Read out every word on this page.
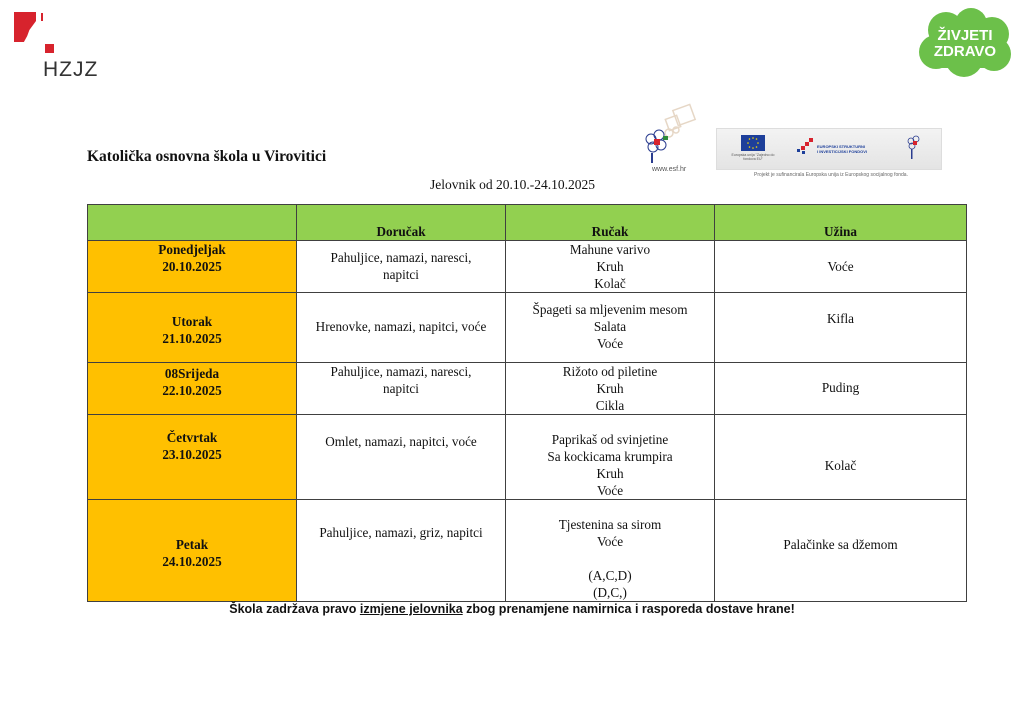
HZJZ
ŽIVJETI
ZDRAVO
www.esf.hr
Europska unija "Zajedno do fondova EU"
EUROPSKI STRUKTURNI
I INVESTICIJSKI FONDOVI
Projekt je sufinancirala Europska unija iz Europskog socijalnog fonda.
Katolička osnovna škola u Virovitici
Jelovnik od 20.10.-24.10.2025
	Doručak	Ručak	Užina

Ponedjeljak
20.10.2025	Pahuljice, namazi, naresci,
napitci	Mahune varivo
Kruh
Kolač	Voće

Utorak
21.10.2025	Hrenovke, namazi, napitci, voće	Špageti sa mljevenim mesom
Salata
Voće	Kifla

08Srijeda
22.10.2025	Pahuljice, namazi, naresci,
napitci	Rižoto od piletine
Kruh
Cikla	Puding

Četvrtak
23.10.2025	Omlet, namazi, napitci, voće	Paprikaš od svinjetine
Sa kockicama krumpira
Kruh
Voće	Kolač

Petak
24.10.2025	Pahuljice, namazi, griz, napitci	Tjestenina sa sirom
Voće

(A,C,D)
(D,C,)	Palačinke sa džemom
Škola zadržava pravo izmjene jelovnika zbog prenamjene namirnica i rasporeda dostave hrane!
